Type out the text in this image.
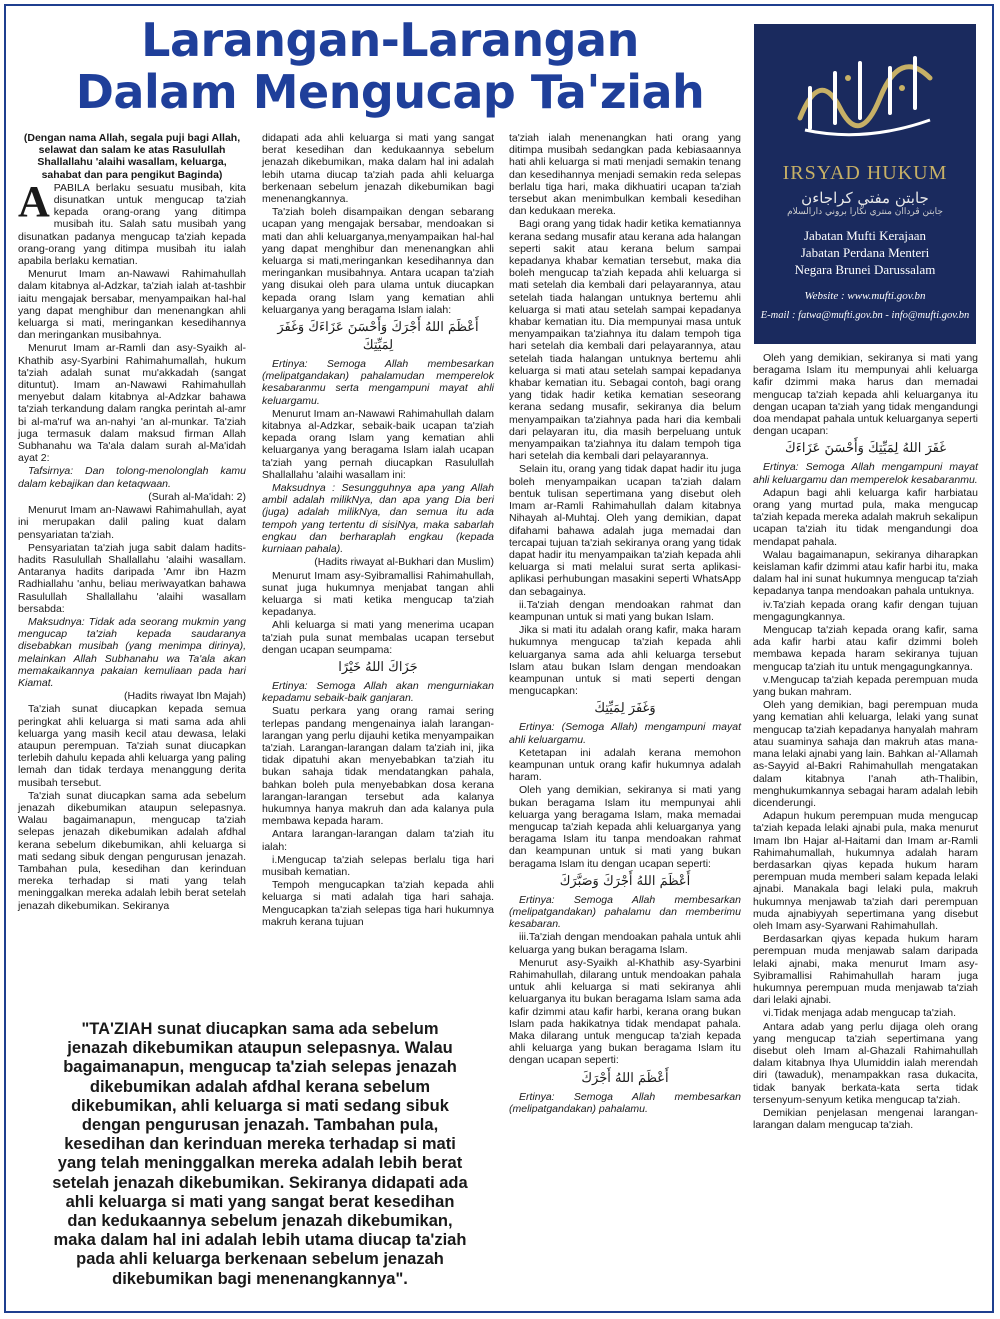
Larangan-Larangan
Dalam Mengucap Ta'ziah
IRSYAD HUKUM
جابتن مفتي كراجاءن
جابتن ڤرداان منتري نڬارا بروني دارالسلام
Jabatan Mufti Kerajaan
Jabatan Perdana Menteri
Negara Brunei Darussalam
Website : www.mufti.gov.bn
E-mail : fatwa@mufti.gov.bn - info@mufti.gov.bn

(Dengan nama Allah, segala puji bagi Allah, selawat dan salam ke atas Rasulullah Shallallahu 'alaihi wasallam, keluarga, sahabat dan para pengikut Baginda)

APABILA berlaku sesuatu musibah, kita disunatkan untuk mengucap ta'ziah kepada orang-orang yang ditimpa musibah itu. Salah satu musibah yang disunatkan padanya mengucap ta'ziah kepada orang-orang yang ditimpa musibah itu ialah apabila berlaku kematian.

Menurut Imam an-Nawawi Rahimahullah dalam kitabnya al-Adzkar, ta'ziah ialah at-tashbir iaitu mengajak bersabar, menyampaikan hal-hal yang dapat menghibur dan menenangkan ahli keluarga si mati, meringankan kesedihannya dan meringankan musibahnya.

Menurut Imam ar-Ramli dan asy-Syaikh al-Khathib asy-Syarbini Rahimahumallah, hukum ta'ziah adalah sunat mu'akkadah (sangat dituntut). Imam an-Nawawi Rahimahullah menyebut dalam kitabnya al-Adzkar bahawa ta'ziah terkandung dalam rangka perintah al-amr bi al-ma'ruf wa an-nahyi 'an al-munkar. Ta'ziah juga termasuk dalam maksud firman Allah Subhanahu wa Ta'ala dalam surah al-Ma'idah ayat 2:

Tafsirnya: Dan tolong-menolonglah kamu dalam kebajikan dan ketaqwaan.

(Surah al-Ma'idah: 2)

Menurut Imam an-Nawawi Rahimahullah, ayat ini merupakan dalil paling kuat dalam pensyariatan ta'ziah.

Pensyariatan ta'ziah juga sabit dalam hadits-hadits Rasulullah Shallallahu 'alaihi wasallam. Antaranya hadits daripada 'Amr ibn Hazm Radhiallahu 'anhu, beliau meriwayatkan bahawa Rasulullah Shallallahu 'alaihi wasallam bersabda:

Maksudnya: Tidak ada seorang mukmin yang mengucap ta'ziah kepada saudaranya disebabkan musibah (yang menimpa dirinya), melainkan Allah Subhanahu wa Ta'ala akan memakaikannya pakaian kemuliaan pada hari Kiamat.

(Hadits riwayat Ibn Majah)

Ta'ziah sunat diucapkan kepada semua peringkat ahli keluarga si mati sama ada ahli keluarga yang masih kecil atau dewasa, lelaki ataupun perempuan. Ta'ziah sunat diucapkan terlebih dahulu kepada ahli keluarga yang paling lemah dan tidak terdaya menanggung derita musibah tersebut.

Ta'ziah sunat diucapkan sama ada sebelum jenazah dikebumikan ataupun selepasnya. Walau bagaimanapun, mengucap ta'ziah selepas jenazah dikebumikan adalah afdhal kerana sebelum dikebumikan, ahli keluarga si mati sedang sibuk dengan pengurusan jenazah. Tambahan pula, kesedihan dan kerinduan mereka terhadap si mati yang telah meninggalkan mereka adalah lebih berat setelah jenazah dikebumikan. Sekiranya

didapati ada ahli keluarga si mati yang sangat berat kesedihan dan kedukaannya sebelum jenazah dikebumikan, maka dalam hal ini adalah lebih utama diucap ta'ziah pada ahli keluarga berkenaan sebelum jenazah dikebumikan bagi menenangkannya.

Ta'ziah boleh disampaikan dengan sebarang ucapan yang mengajak bersabar, mendoakan si mati dan ahli keluarganya,menyampaikan hal-hal yang dapat menghibur dan menenangkan ahli keluarga si mati,meringankan kesedihannya dan meringankan musibahnya. Antara ucapan ta'ziah yang disukai oleh para ulama untuk diucapkan kepada orang Islam yang kematian ahli keluarganya yang beragama Islam ialah:

أَعْظَمَ اللهُ أَجْرَكَ وَأَحْسَنَ عَزَاءَكَ وَغَفَرَ لِمَيِّتِكَ

Ertinya: Semoga Allah membesarkan (melipatgandakan) pahalamudan memperelok kesabaranmu serta mengampuni mayat ahli keluargamu.

Menurut Imam an-Nawawi Rahimahullah dalam kitabnya al-Adzkar, sebaik-baik ucapan ta'ziah kepada orang Islam yang kematian ahli keluarganya yang beragama Islam ialah ucapan ta'ziah yang pernah diucapkan Rasulullah Shallallahu 'alaihi wasallam ini:

Maksudnya : Sesungguhnya apa yang Allah ambil adalah milikNya, dan apa yang Dia beri (juga) adalah milikNya, dan semua itu ada tempoh yang tertentu di sisiNya, maka sabarlah engkau dan berharaplah engkau (kepada kurniaan pahala).

(Hadits riwayat al-Bukhari dan Muslim)

Menurut Imam asy-Syibramallisi Rahimahullah, sunat juga hukumnya menjabat tangan ahli keluarga si mati ketika mengucap ta'ziah kepadanya.

Ahli keluarga si mati yang menerima ucapan ta'ziah pula sunat membalas ucapan tersebut dengan ucapan seumpama:

جَزَاكَ اللهُ خَيْرًا

Ertinya: Semoga Allah akan mengurniakan kepadamu sebaik-baik ganjaran.

Suatu perkara yang orang ramai sering terlepas pandang mengenainya ialah larangan-larangan yang perlu dijauhi ketika menyampaikan ta'ziah. Larangan-larangan dalam ta'ziah ini, jika tidak dipatuhi akan menyebabkan ta'ziah itu bukan sahaja tidak mendatangkan pahala, bahkan boleh pula menyebabkan dosa kerana larangan-larangan tersebut ada kalanya hukumnya hanya makruh dan ada kalanya pula membawa kepada haram.

Antara larangan-larangan dalam ta'ziah itu ialah:

i.Mengucap ta'ziah selepas berlalu tiga hari musibah kematian.

Tempoh mengucapkan ta'ziah kepada ahli keluarga si mati adalah tiga hari sahaja. Mengucapkan ta'ziah selepas tiga hari hukumnya makruh kerana tujuan

ta'ziah ialah menenangkan hati orang yang ditimpa musibah sedangkan pada kebiasaannya hati ahli keluarga si mati menjadi semakin tenang dan kesedihannya menjadi semakin reda selepas berlalu tiga hari, maka dikhuatiri ucapan ta'ziah tersebut akan menimbulkan kembali kesedihan dan kedukaan mereka.

Bagi orang yang tidak hadir ketika kematiannya kerana sedang musafir atau kerana ada halangan seperti sakit atau kerana belum sampai kepadanya khabar kematian tersebut, maka dia boleh mengucap ta'ziah kepada ahli keluarga si mati setelah dia kembali dari pelayarannya, atau setelah tiada halangan untuknya bertemu ahli keluarga si mati atau setelah sampai kepadanya khabar kematian itu. Dia mempunyai masa untuk menyampaikan ta'ziahnya itu dalam tempoh tiga hari setelah dia kembali dari pelayarannya, atau setelah tiada halangan untuknya bertemu ahli keluarga si mati atau setelah sampai kepadanya khabar kematian itu. Sebagai contoh, bagi orang yang tidak hadir ketika kematian seseorang kerana sedang musafir, sekiranya dia belum menyampaikan ta'ziahnya pada hari dia kembali dari pelayaran itu, dia masih berpeluang untuk menyampaikan ta'ziahnya itu dalam tempoh tiga hari setelah dia kembali dari pelayarannya.

Selain itu, orang yang tidak dapat hadir itu juga boleh menyampaikan ucapan ta'ziah dalam bentuk tulisan sepertimana yang disebut oleh Imam ar-Ramli Rahimahullah dalam kitabnya Nihayah al-Muhtaj. Oleh yang demikian, dapat difahami bahawa adalah juga memadai dan tercapai tujuan ta'ziah sekiranya orang yang tidak dapat hadir itu menyampaikan ta'ziah kepada ahli keluarga si mati melalui surat serta aplikasi-aplikasi perhubungan masakini seperti WhatsApp dan sebagainya.

ii.Ta'ziah dengan mendoakan rahmat dan keampunan untuk si mati yang bukan Islam.

Jika si mati itu adalah orang kafir, maka haram hukumnya mengucap ta'ziah kepada ahli keluarganya sama ada ahli keluarga tersebut Islam atau bukan Islam dengan mendoakan keampunan untuk si mati seperti dengan mengucapkan:

وَغَفَرَ لِمَيِّتِكَ

Ertinya: (Semoga Allah) mengampuni mayat ahli keluargamu.

Ketetapan ini adalah kerana memohon keampunan untuk orang kafir hukumnya adalah haram.

Oleh yang demikian, sekiranya si mati yang bukan beragama Islam itu mempunyai ahli keluarga yang beragama Islam, maka memadai mengucap ta'ziah kepada ahli keluarganya yang beragama Islam itu tanpa mendoakan rahmat dan keampunan untuk si mati yang bukan beragama Islam itu dengan ucapan seperti:

أَعْظَمَ اللهُ أَجْرَكَ وَصَبَّرَكَ

Ertinya: Semoga Allah membesarkan (melipatgandakan) pahalamu dan memberimu kesabaran.

iii.Ta'ziah dengan mendoakan pahala untuk ahli keluarga yang bukan beragama Islam.

Menurut asy-Syaikh al-Khathib asy-Syarbini Rahimahullah, dilarang untuk mendoakan pahala untuk ahli keluarga si mati sekiranya ahli keluarganya itu bukan beragama Islam sama ada kafir dzimmi atau kafir harbi, kerana orang bukan Islam pada hakikatnya tidak mendapat pahala. Maka dilarang untuk mengucap ta'ziah kepada ahli keluarga yang bukan beragama Islam itu dengan ucapan seperti:

أَعْظَمَ اللهُ أَجْرَكَ

Ertinya: Semoga Allah membesarkan (melipatgandakan) pahalamu.

Oleh yang demikian, sekiranya si mati yang beragama Islam itu mempunyai ahli keluarga kafir dzimmi maka harus dan memadai mengucap ta'ziah kepada ahli keluarganya itu dengan ucapan ta'ziah yang tidak mengandungi doa mendapat pahala untuk keluarganya seperti dengan ucapan:

غَفَرَ اللهُ لِمَيِّتِكَ وَأَحْسَنَ عَزَاءَكَ

Ertinya: Semoga Allah mengampuni mayat ahli keluargamu dan memperelok kesabaranmu.

Adapun bagi ahli keluarga kafir harbiatau orang yang murtad pula, maka mengucap ta'ziah kepada mereka adalah makruh sekalipun ucapan ta'ziah itu tidak mengandungi doa mendapat pahala.

Walau bagaimanapun, sekiranya diharapkan keislaman kafir dzimmi atau kafir harbi itu, maka dalam hal ini sunat hukumnya mengucap ta'ziah kepadanya tanpa mendoakan pahala untuknya.

iv.Ta'ziah kepada orang kafir dengan tujuan mengagungkannya.

Mengucap ta'ziah kepada orang kafir, sama ada kafir harbi atau kafir dzimmi boleh membawa kepada haram sekiranya tujuan mengucap ta'ziah itu untuk mengagungkannya.

v.Mengucap ta'ziah kepada perempuan muda yang bukan mahram.

Oleh yang demikian, bagi perempuan muda yang kematian ahli keluarga, lelaki yang sunat mengucap ta'ziah kepadanya hanyalah mahram atau suaminya sahaja dan makruh atas mana-mana lelaki ajnabi yang lain. Bahkan al-'Allamah as-Sayyid al-Bakri Rahimahullah mengatakan dalam kitabnya I'anah ath-Thalibin, menghukumkannya sebagai haram adalah lebih dicenderungi.

Adapun hukum perempuan muda mengucap ta'ziah kepada lelaki ajnabi pula, maka menurut Imam Ibn Hajar al-Haitami dan Imam ar-Ramli Rahimahumallah, hukumnya adalah haram berdasarkan qiyas kepada hukum haram perempuan muda memberi salam kepada lelaki ajnabi. Manakala bagi lelaki pula, makruh hukumnya menjawab ta'ziah dari perempuan muda ajnabiyyah sepertimana yang disebut oleh Imam asy-Syarwani Rahimahullah.

Berdasarkan qiyas kepada hukum haram perempuan muda menjawab salam daripada lelaki ajnabi, maka menurut Imam asy-Syibramallisi Rahimahullah haram juga hukumnya perempuan muda menjawab ta'ziah dari lelaki ajnabi.

vi.Tidak menjaga adab mengucap ta'ziah.

Antara adab yang perlu dijaga oleh orang yang mengucap ta'ziah sepertimana yang disebut oleh Imam al-Ghazali Rahimahullah dalam kitabnya Ihya Ulumiddin ialah merendah diri (tawaduk), menampakkan rasa dukacita, tidak banyak berkata-kata serta tidak tersenyum-senyum ketika mengucap ta'ziah.

Demikian penjelasan mengenai larangan-larangan dalam mengucap ta'ziah.

"TA'ZIAH sunat diucapkan sama ada sebelum jenazah dikebumikan ataupun selepasnya. Walau bagaimanapun, mengucap ta'ziah selepas jenazah dikebumikan adalah afdhal kerana sebelum dikebumikan, ahli keluarga si mati sedang sibuk dengan pengurusan jenazah. Tambahan pula, kesedihan dan kerinduan mereka terhadap si mati yang telah meninggalkan mereka adalah lebih berat setelah jenazah dikebumikan. Sekiranya didapati ada ahli keluarga si mati yang sangat berat kesedihan dan kedukaannya sebelum jenazah dikebumikan, maka dalam hal ini adalah lebih utama diucap ta'ziah pada ahli keluarga berkenaan sebelum jenazah dikebumikan bagi menenangkannya".
